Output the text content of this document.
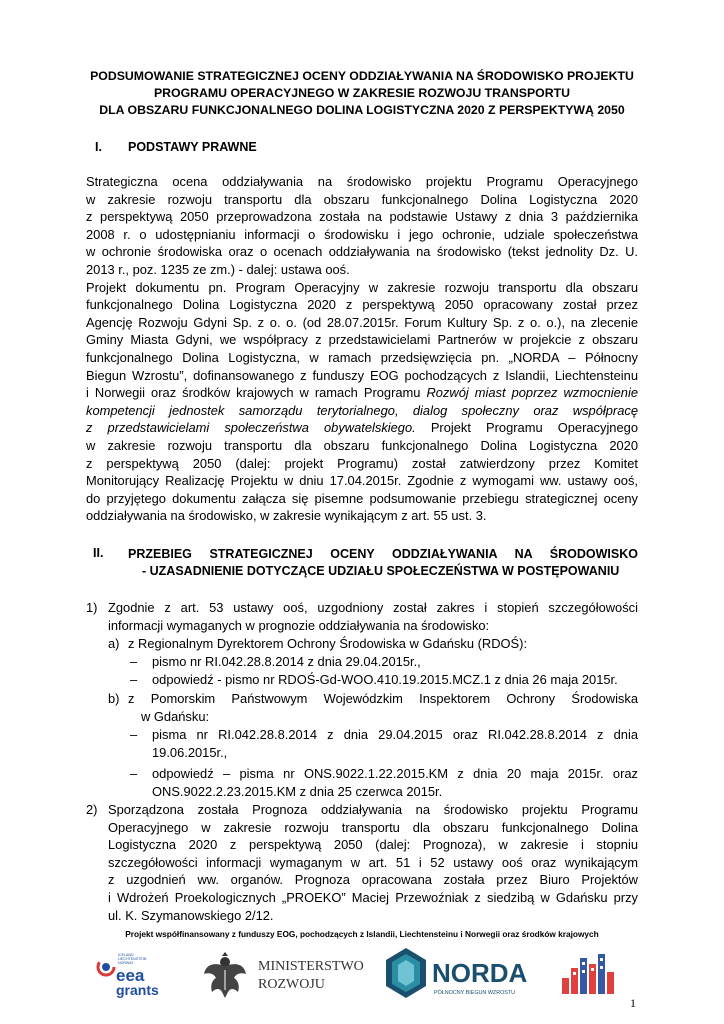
PODSUMOWANIE STRATEGICZNEJ OCENY ODDZIAŁYWANIA NA ŚRODOWISKO PROJEKTU
PROGRAMU OPERACYJNEGO W ZAKRESIE ROZWOJU TRANSPORTU
DLA OBSZARU FUNKCJONALNEGO DOLINA LOGISTYCZNA 2020 Z PERSPEKTYWĄ 2050
I. PODSTAWY PRAWNE
Strategiczna ocena oddziaływania na środowisko projektu Programu Operacyjnego
w zakresie rozwoju transportu dla obszaru funkcjonalnego Dolina Logistyczna 2020
z perspektywą 2050 przeprowadzona została na podstawie Ustawy z dnia 3 października
2008 r. o udostępnianiu informacji o środowisku i jego ochronie, udziale społeczeństwa
w ochronie środowiska oraz o ocenach oddziaływania na środowisko (tekst jednolity Dz. U.
2013 r., poz. 1235 ze zm.) - dalej: ustawa ooś.
Projekt dokumentu pn. Program Operacyjny w zakresie rozwoju transportu dla obszaru
funkcjonalnego Dolina Logistyczna 2020 z perspektywą 2050 opracowany został przez
Agencję Rozwoju Gdyni Sp. z o. o. (od 28.07.2015r. Forum Kultury Sp. z o. o.), na zlecenie
Gminy Miasta Gdyni, we współpracy z przedstawicielami Partnerów w projekcie z obszaru
funkcjonalnego Dolina Logistyczna, w ramach przedsięwzięcia pn. „NORDA – Północny
Biegun Wzrostu”, dofinansowanego z funduszy EOG pochodzących z Islandii, Liechtensteinu
i Norwegii oraz środków krajowych w ramach Programu Rozwój miast poprzez wzmocnienie
kompetencji jednostek samorządu terytorialnego, dialog społeczny oraz współpracę
z przedstawicielami społeczeństwa obywatelskiego. Projekt Programu Operacyjnego
w zakresie rozwoju transportu dla obszaru funkcjonalnego Dolina Logistyczna 2020
z perspektywą 2050 (dalej: projekt Programu) został zatwierdzony przez Komitet
Monitorujący Realizację Projektu w dniu 17.04.2015r. Zgodnie z wymogami ww. ustawy ooś,
do przyjętego dokumentu załącza się pisemne podsumowanie przebiegu strategicznej oceny
oddziaływania na środowisko, w zakresie wynikającym z art. 55 ust. 3.
II. PRZEBIEG STRATEGICZNEJ OCENY ODDZIAŁYWANIA NA ŚRODOWISKO
- UZASADNIENIE DOTYCZĄCE UDZIAŁU SPOŁECZEŃSTWA W POSTĘPOWANIU
1) Zgodnie z art. 53 ustawy ooś, uzgodniony został zakres i stopień szczegółowości
informacji wymaganych w prognozie oddziaływania na środowisko:
a) z Regionalnym Dyrektorem Ochrony Środowiska w Gdańsku (RDOŚ):
– pismo nr RI.042.28.8.2014 z dnia 29.04.2015r.,
– odpowiedź - pismo nr RDOŚ-Gd-WOO.410.19.2015.MCZ.1 z dnia 26 maja 2015r.
b) z Pomorskim Państwowym Wojewódzkim Inspektorem Ochrony Środowiska
w Gdańsku:
– pisma nr RI.042.28.8.2014 z dnia 29.04.2015 oraz RI.042.28.8.2014 z dnia
19.06.2015r.,
– odpowiedź – pisma nr ONS.9022.1.22.2015.KM z dnia 20 maja 2015r. oraz
ONS.9022.2.23.2015.KM z dnia 25 czerwca 2015r.
2) Sporządzona została Prognoza oddziaływania na środowisko projektu Programu
Operacyjnego w zakresie rozwoju transportu dla obszaru funkcjonalnego Dolina
Logistyczna 2020 z perspektywą 2050 (dalej: Prognoza), w zakresie i stopniu
szczegółowości informacji wymaganym w art. 51 i 52 ustawy ooś oraz wynikającym
z uzgodnień ww. organów. Prognoza opracowana została przez Biuro Projektów
i Wdrożeń Proekologicznych „PROEKO” Maciej Przewoźniak z siedzibą w Gdańsku przy
ul. K. Szymanowskiego 2/12.
Projekt współfinansowany z funduszy EOG, pochodzących z Islandii, Liechtensteinu i Norwegii oraz środków krajowych
ICELAND
LIECHTENSTEIN
NORWAY
eea
grants
MINISTERSTWO
ROZWOJU	NORDA
PÓŁNOCNY BIEGUN WZROSTU
1
